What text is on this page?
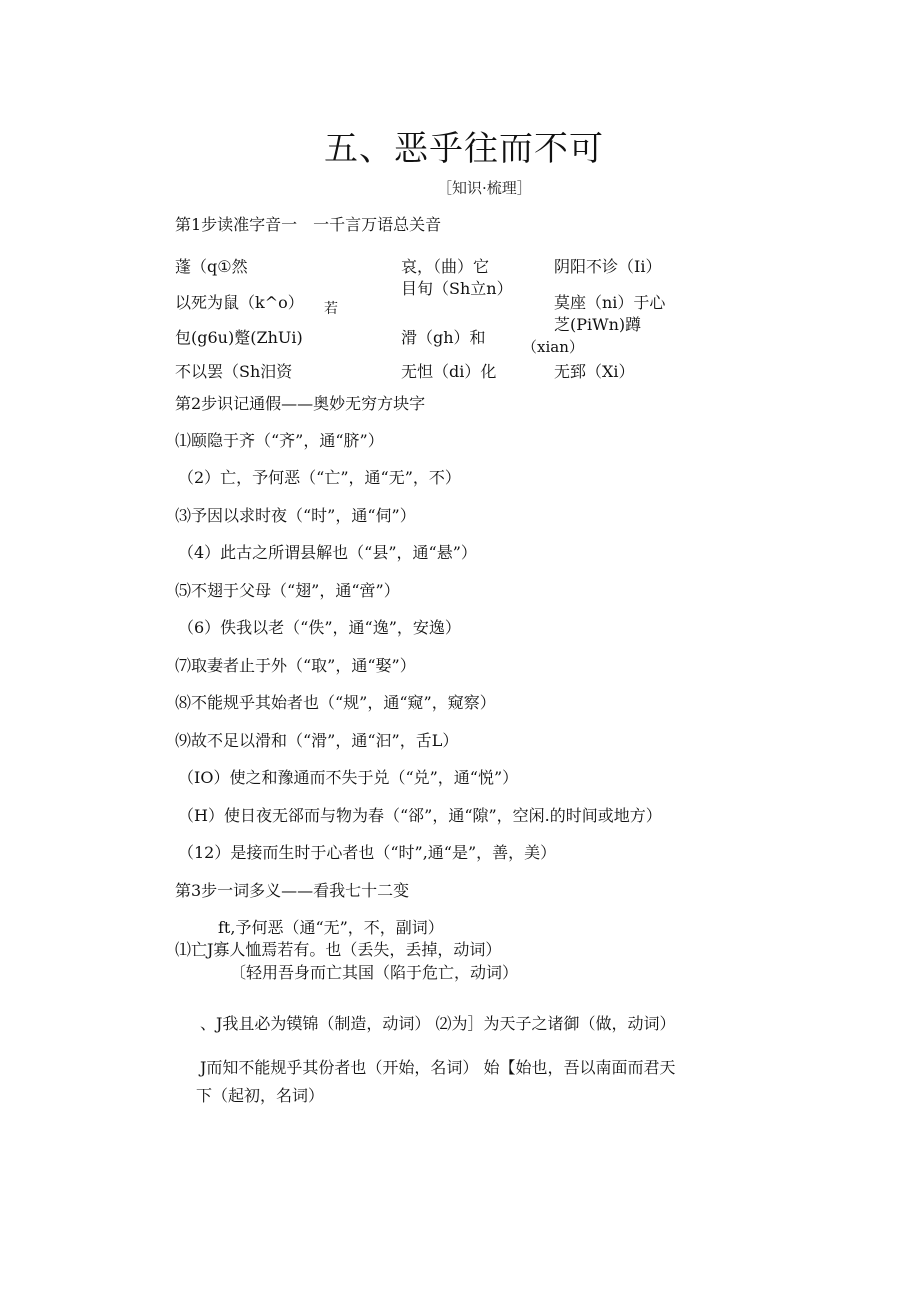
五、恶乎往而不可
［知识·梳理］
第1步读准字音一　一千言万语总关音
蓬（q①然
以死为鼠（k^o）
包(g6u)蹩(ZhUi)
不以罢（Sh汨资
若
哀，（曲）它
目旬（Sh立n）
滑（gh）和
无怛（di）化
（xian）
阴阳不诊（Ii）
莫座（ni）于心
芝(PiWn)蹲
无郅（Xi）
第2步识记通假——奥妙无穷方块字
⑴颐隐于齐（“齐”，通“脐”）
（2）亡，予何恶（“亡”，通“无”，不）
⑶予因以求时夜（“时”，通“伺”）
（4）此古之所谓县解也（“县”，通“悬”）
⑸不翅于父母（“翅”，通“啻”）
（6）佚我以老（“佚”，通“逸”，安逸）
⑺取妻者止于外（“取”，通“娶”）
⑻不能规乎其始者也（“规”，通“窥”，窥察）
⑼故不足以滑和（“滑”，通“汩”，舌L）
（IO）使之和豫通而不失于兑（“兑”，通“悦”）
（H）使日夜无郤而与物为春（“郤”，通“隙”，空闲.的时间或地方）
（12）是接而生时于心者也（“时”,通“是”，善，美）
第3步一词多义——看我七十二变
ft,予何恶（通“无”，不，副词）
⑴亡J寡人恤焉若有。也（丢失，丢掉，动词）
〔轻用吾身而亡其国（陷于危亡，动词）
、J我且必为镆锦（制造，动词） ⑵为］为天子之诸御（做，动词）
J而知不能规乎其份者也（开始，名词） 始【始也，吾以南面而君天
下（起初，名词）
